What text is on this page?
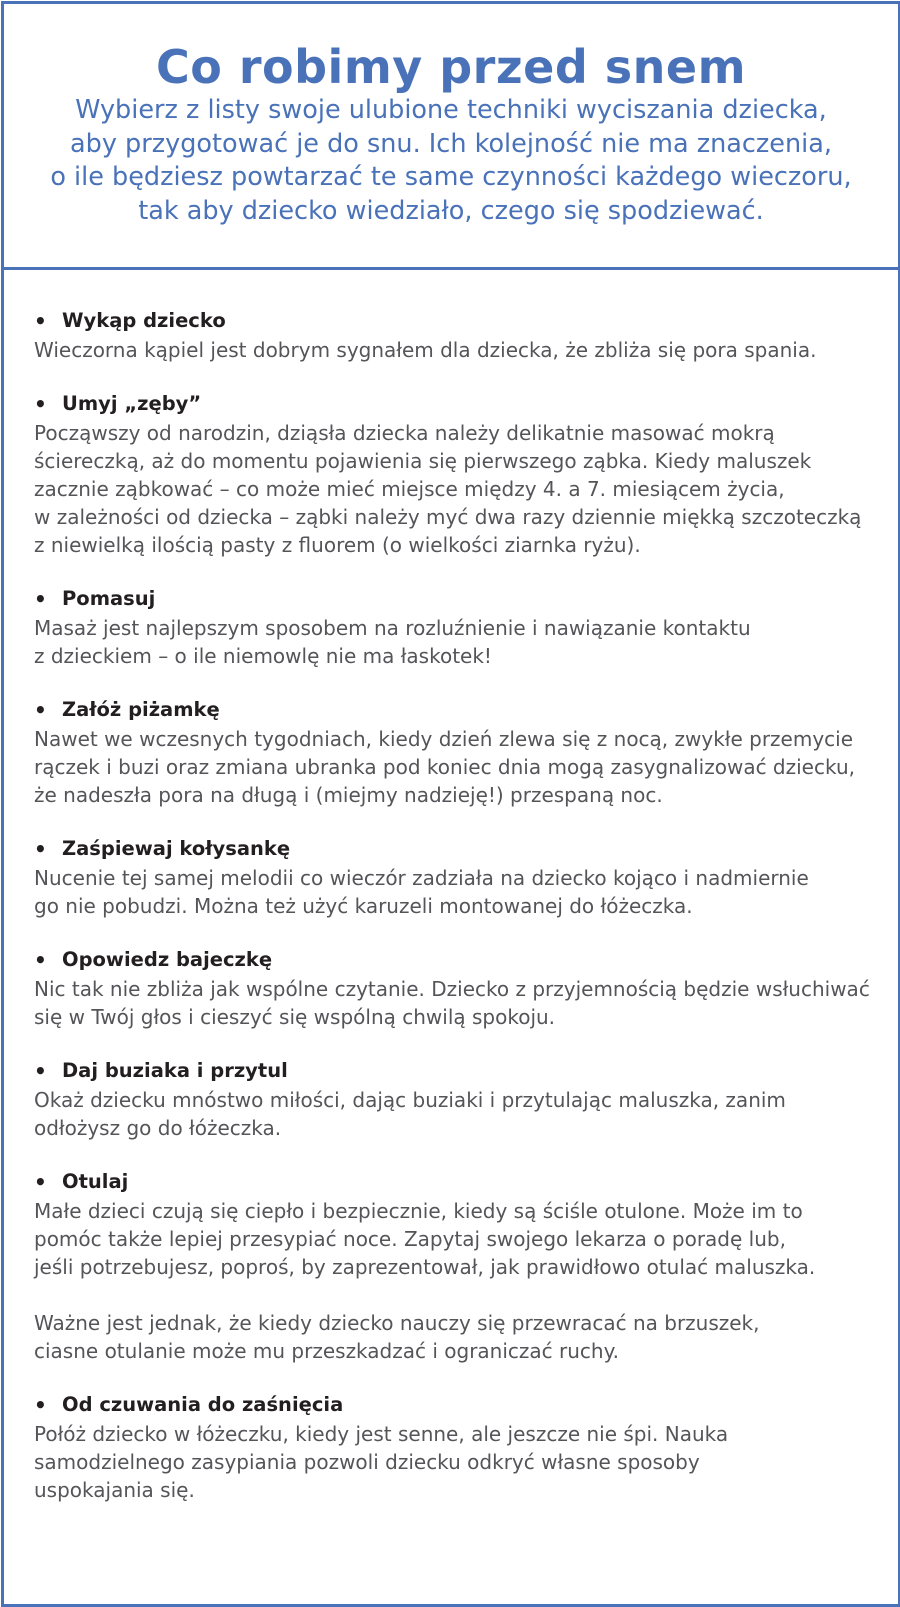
Co robimy przed snem

Wybierz z listy swoje ulubione techniki wyciszania dziecka,
aby przygotować je do snu. Ich kolejność nie ma znaczenia,
o ile będziesz powtarzać te same czynności każdego wieczoru,
tak aby dziecko wiedziało, czego się spodziewać.

• Wykąp dziecko

Wieczorna kąpiel jest dobrym sygnałem dla dziecka, że zbliża się pora spania.

• Umyj „zęby”

Począwszy od narodzin, dziąsła dziecka należy delikatnie masować mokrą
ściereczką, aż do momentu pojawienia się pierwszego ząbka. Kiedy maluszek
zacznie ząbkować – co może mieć miejsce między 4. a 7. miesiącem życia,
w zależności od dziecka – ząbki należy myć dwa razy dziennie miękką szczoteczką
z niewielką ilością pasty z fluorem (o wielkości ziarnka ryżu).

• Pomasuj

Masaż jest najlepszym sposobem na rozluźnienie i nawiązanie kontaktu
z dzieckiem – o ile niemowlę nie ma łaskotek!

• Załóż piżamkę

Nawet we wczesnych tygodniach, kiedy dzień zlewa się z nocą, zwykłe przemycie
rączek i buzi oraz zmiana ubranka pod koniec dnia mogą zasygnalizować dziecku,
że nadeszła pora na długą i (miejmy nadzieję!) przespaną noc.

• Zaśpiewaj kołysankę

Nucenie tej samej melodii co wieczór zadziała na dziecko kojąco i nadmiernie
go nie pobudzi. Można też użyć karuzeli montowanej do łóżeczka.

• Opowiedz bajeczkę

Nic tak nie zbliża jak wspólne czytanie. Dziecko z przyjemnością będzie wsłuchiwać
się w Twój głos i cieszyć się wspólną chwilą spokoju.

• Daj buziaka i przytul

Okaż dziecku mnóstwo miłości, dając buziaki i przytulając maluszka, zanim
odłożysz go do łóżeczka.

• Otulaj

Małe dzieci czują się ciepło i bezpiecznie, kiedy są ściśle otulone. Może im to
pomóc także lepiej przesypiać noce. Zapytaj swojego lekarza o poradę lub,
jeśli potrzebujesz, poproś, by zaprezentował, jak prawidłowo otulać maluszka.

Ważne jest jednak, że kiedy dziecko nauczy się przewracać na brzuszek,
ciasne otulanie może mu przeszkadzać i ograniczać ruchy.

• Od czuwania do zaśnięcia

Połóż dziecko w łóżeczku, kiedy jest senne, ale jeszcze nie śpi. Nauka
samodzielnego zasypiania pozwoli dziecku odkryć własne sposoby
uspokajania się.
